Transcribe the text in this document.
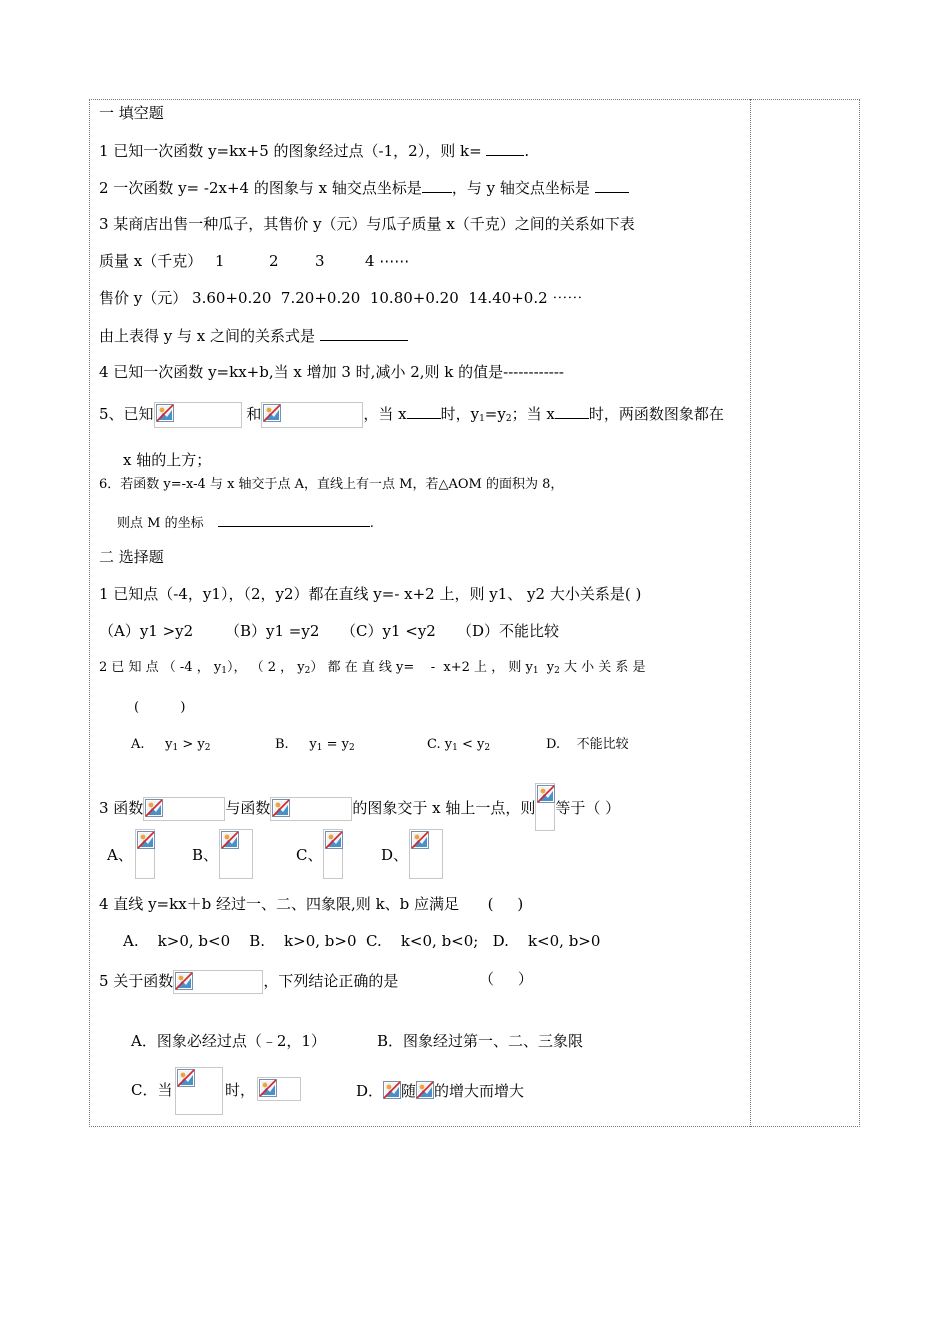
一 填空题
1 已知一次函数 y=kx+5 的图象经过点（-1，2），则 k=	.
2 一次函数 y= -2x+4 的图象与 x 轴交点坐标是 ，与 y 轴交点坐标是
3 某商店出售一种瓜子，其售价 y（元）与瓜子质量 x（千克）之间的关系如下表
质量 x（千克） 1	2 3	4 ⋯⋯
售价 y（元） 3.60+0.20  7.20+0.20  10.80+0.20  14.40+0.2 ⋯⋯
由上表得 y 与 x 之间的关系式是
4 已知一次函数 y=kx+b,当 x 增加 3 时,减小 2,则 k 的值是------------
5、已知	和	，当 x 时，$y_1=y_2$；当 x 时，两函数图象都在
x 轴的上方；
6．若函数 y=-x-4 与 x 轴交于点 A，直线上有一点 M，若△AOM 的面积为 8，
则点 M 的坐标	.
二 选择题
1 已知点（-4，y1），（2，y2）都在直线 y=- x+2 上，则 y1、 y2 大小关系是( )
（A）y1 >y2 （B）y1 =y2 （C）y1 <y2 （D）不能比较
2 已 知 点 （ -4 ， $y_1$）， （ 2 ， $y_2$） 都 在 直 线 y=    -  x+2 上 ， 则 $y_1$  $y_2$ 大 小 关 系 是
(          )
A.     $y_1 > y_2$	B.     $y_1 = y_2$	C. $y_1 < y_2$	D.    不能比较
3 函数	与函数	的图象交于 x 轴上一点，则 等于（ ）
A、	B、	C、	D、
4 直线 y=kx＋b 经过一、二、四象限,则 k、b 应满足      (     )
A.    k>0, b<0    B.    k>0, b>0  C.    k<0, b<0;   D.    k<0, b>0
5 关于函数	，下列结论正确的是	（     ）
A．图象必经过点（﹣2，1）	B．图象经过第一、二、三象限
C．当	时，	D． 随 的增大而增大
